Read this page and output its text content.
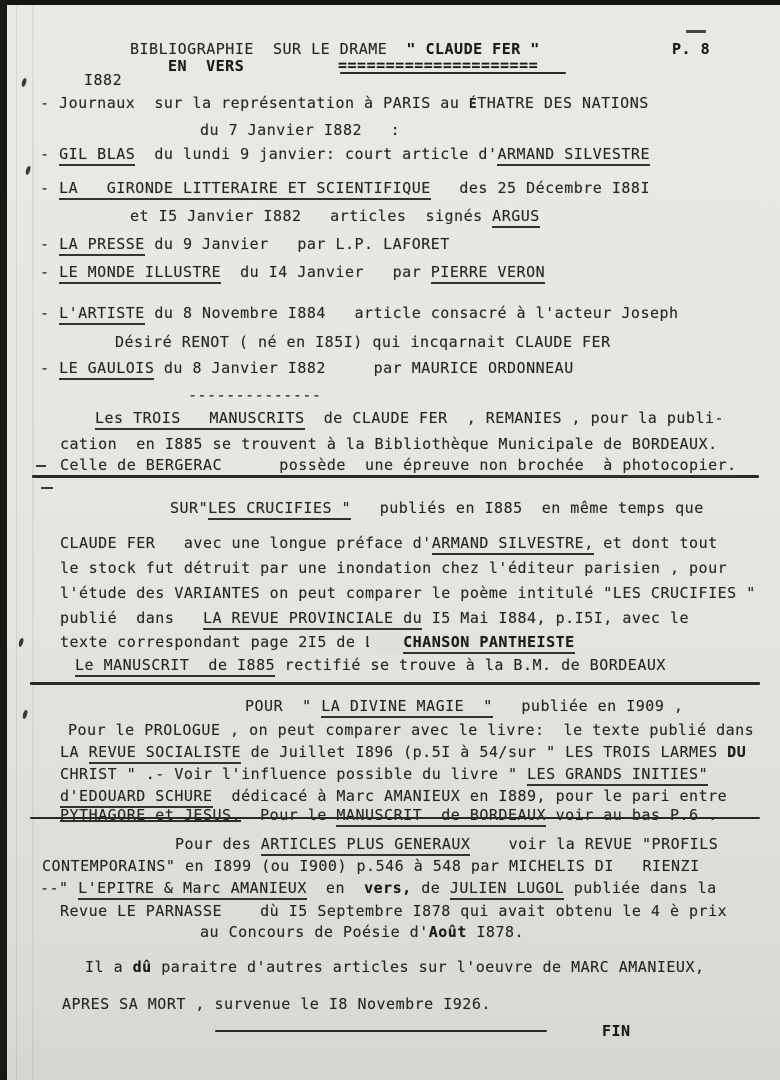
BIBLIOGRAPHIE  SUR LE DRAME  " CLAUDE FER "
=====================
P. 8
EN  VERS
I882
- Journaux  sur la représentation à PARIS au ÉTHATRE DES NATIONS
du 7 Janvier I882   :
- GIL BLAS  du lundi 9 janvier: court article d'ARMAND SILVESTRE
- LA   GIRONDE LITTERAIRE ET SCIENTIFIQUE   des 25 Décembre I88I
et I5 Janvier I882   articles  signés ARGUS
- LA PRESSE du 9 Janvier   par L.P. LAFORET
- LE MONDE ILLUSTRE  du I4 Janvier   par PIERRE VERON
- L'ARTISTE du 8 Novembre I884   article consacré à l'acteur Joseph
Désiré RENOT ( né en I85I) qui incqarnait CLAUDE FER
- LE GAULOIS du 8 Janvier I882     par MAURICE ORDONNEAU
--------------
Les TROIS   MANUSCRITS  de CLAUDE FER  , REMANIES , pour la publi-
cation  en I885 se trouvent à la Bibliothèque Municipale de BORDEAUX.
Celle de BERGERAC      possède  une épreuve non brochée  à photocopier.
SUR"LES CRUCIFIES " publiés en I885  en même temps que
CLAUDE FER   avec une longue préface d'ARMAND SILVESTRE, et dont tout
le stock fut détruit par une inondation chez l'éditeur parisien , pour
l'étude des VARIANTES on peut comparer le poème intitulé "LES CRUCIFIES "
publié  dans   LA REVUE PROVINCIALE du I5 Mai I884, p.I5I, avec le
texte correspondant page 2I5 de LA  CHANSON PANTHEISTE
Le MANUSCRIT  de I885 rectifié se trouve à la B.M. de BORDEAUX
POUR  " LA DIVINE MAGIE  "   publiée en I909 ,
Pour le PROLOGUE , on peut comparer avec le livre:  le texte publié dans
LA REVUE SOCIALISTE de Juillet I896 (p.5I à 54/sur " LES TROIS LARMES DU
CHRIST " .- Voir l'influence possible du livre " LES GRANDS INITIES"
d'EDOUARD SCHURE  dédicacé à Marc AMANIEUX en I889, pour le pari entre
PYTHAGORE et JESUS.  Pour le MANUSCRIT  de BORDEAUX voir au bas P.6 .
Pour des ARTICLES PLUS GENERAUX    voir la REVUE "PROFILS
CONTEMPORAINS" en I899 (ou I900) p.546 à 548 par MICHELIS DI   RIENZI
--" L'EPITRE & Marc AMANIEUX  en  vers, de JULIEN LUGOL publiée dans la
Revue LE PARNASSE    dù I5 Septembre I878 qui avait obtenu le 4 è prix
au Concours de Poésie d'Août I878.
Il a dû paraitre d'autres articles sur l'oeuvre de MARC AMANIEUX,
APRES SA MORT , survenue le I8 Novembre I926.
FIN
